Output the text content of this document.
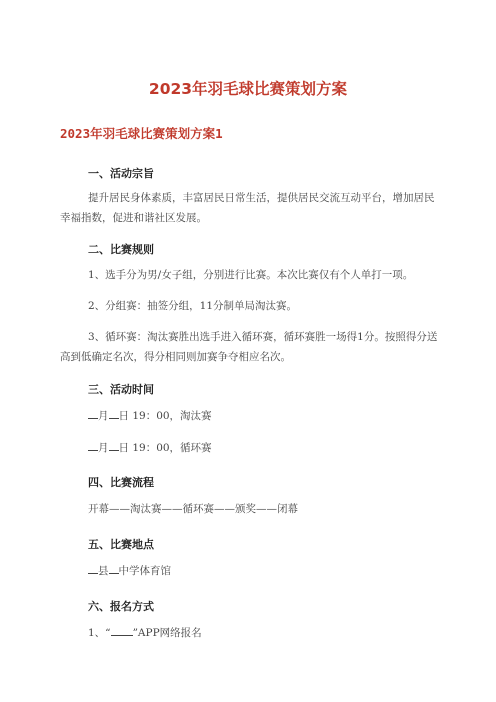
2023年羽毛球比赛策划方案
2023年羽毛球比赛策划方案1
一、活动宗旨
提升居民身体素质，丰富居民日常生活，提供居民交流互动平台，增加居民幸福指数，促进和谐社区发展。
二、比赛规则
1、选手分为男/女子组，分别进行比赛。本次比赛仅有个人单打一项。
2、分组赛：抽签分组，11分制单局淘汰赛。
3、循环赛：淘汰赛胜出选手进入循环赛，循环赛胜一场得1分。按照得分送高到低确定名次，得分相同则加赛争夺相应名次。
三、活动时间
月 日 19：00，淘汰赛
月 日 19：00，循环赛
四、比赛流程
开幕——淘汰赛——循环赛——颁奖——闭幕
五、比赛地点
县 中学体育馆
六、报名方式
1、“ ”APP网络报名
